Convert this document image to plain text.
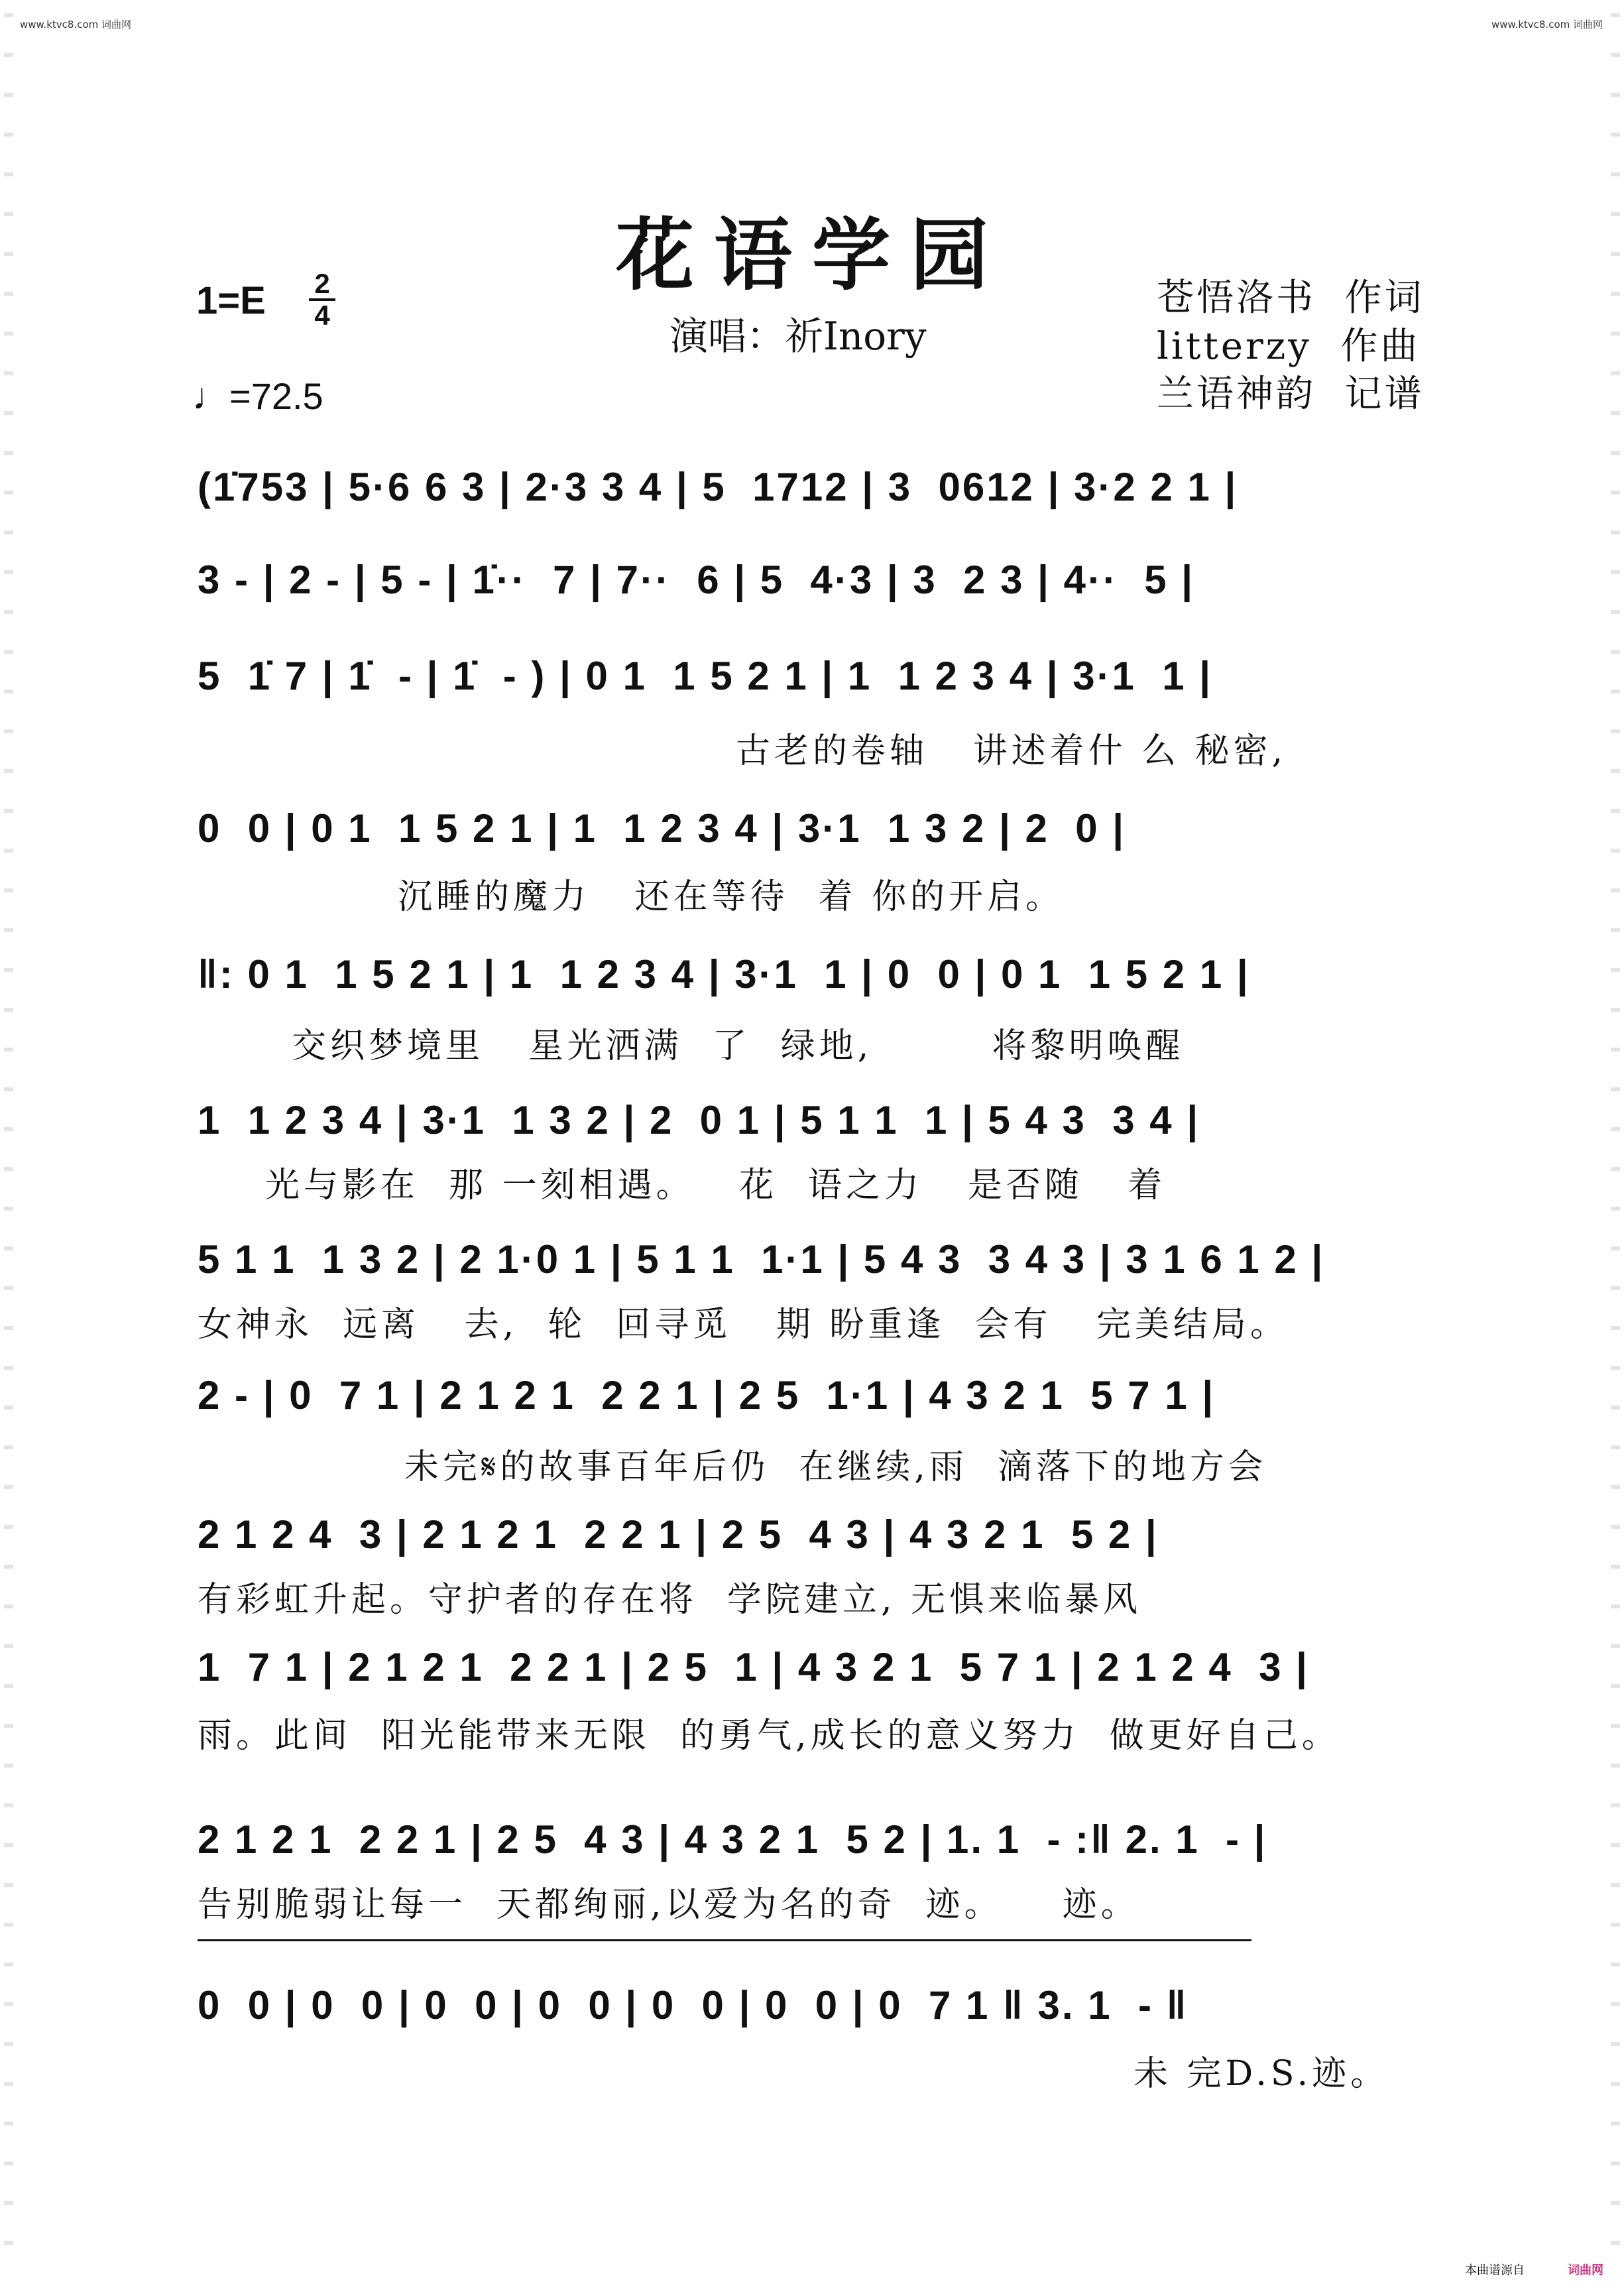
www.ktvc8.com 词曲网	www.ktvc8.com 词曲网
花语学园
演唱：祈Inory
苍悟洛书  作词
litterzy  作曲
兰语神韵  记谱
1=E 2
4
♩=72.5
(1̇753 | 5·6 6 3 | 2·3 3 4 | 5  1712 | 3  0612 | 3·2 2 1 |
3 - | 2 - | 5 - | 1̇··  7 | 7··  6 | 5  4·3 | 3  2 3 | 4··  5 |
5  1̇ 7 | 1̇  - | 1̇  - ) | 0 1  1 5 2 1 | 1  1 2 3 4 | 3·1  1 |
古老的卷轴   讲述着什 么 秘密,
0  0 | 0 1  1 5 2 1 | 1  1 2 3 4 | 3·1  1 3 2 | 2  0 |
沉睡的魔力   还在等待  着 你的开启。
‖: 0 1  1 5 2 1 | 1  1 2 3 4 | 3·1  1 | 0  0 | 0 1  1 5 2 1 |
交织梦境里   星光洒满  了  绿地,        将黎明唤醒
1  1 2 3 4 | 3·1  1 3 2 | 2  0 1 | 5 1 1  1 | 5 4 3  3 4 |
光与影在  那 一刻相遇。   花  语之力   是否随   着
5 1 1  1 3 2 | 2 1·0 1 | 5 1 1  1·1 | 5 4 3  3 4 3 | 3 1 6 1 2 |
女神永  远离   去,  轮  回寻觅   期 盼重逢  会有   完美结局。
2 - | 0  7 1 | 2 1 2 1  2 2 1 | 2 5  1·1 | 4 3 2 1  5 7 1 |
未完𝄋的故事百年后仍  在继续,雨  滴落下的地方会
2 1 2 4  3 | 2 1 2 1  2 2 1 | 2 5  4 3 | 4 3 2 1  5 2 |
有彩虹升起。守护者的存在将  学院建立, 无惧来临暴风
1  7 1 | 2 1 2 1  2 2 1 | 2 5  1 | 4 3 2 1  5 7 1 | 2 1 2 4  3 |
雨。此间  阳光能带来无限  的勇气,成长的意义努力  做更好自己。
2 1 2 1  2 2 1 | 2 5  4 3 | 4 3 2 1  5 2 | 1. 1  - :‖ 2. 1  - |
告别脆弱让每一  天都绚丽,以爱为名的奇  迹。    迹。
0  0 | 0  0 | 0  0 | 0  0 | 0  0 | 0  0 | 0  7 1 ‖ 3. 1  - ‖
未 完D.S.迹。
本曲谱源自	词曲网
